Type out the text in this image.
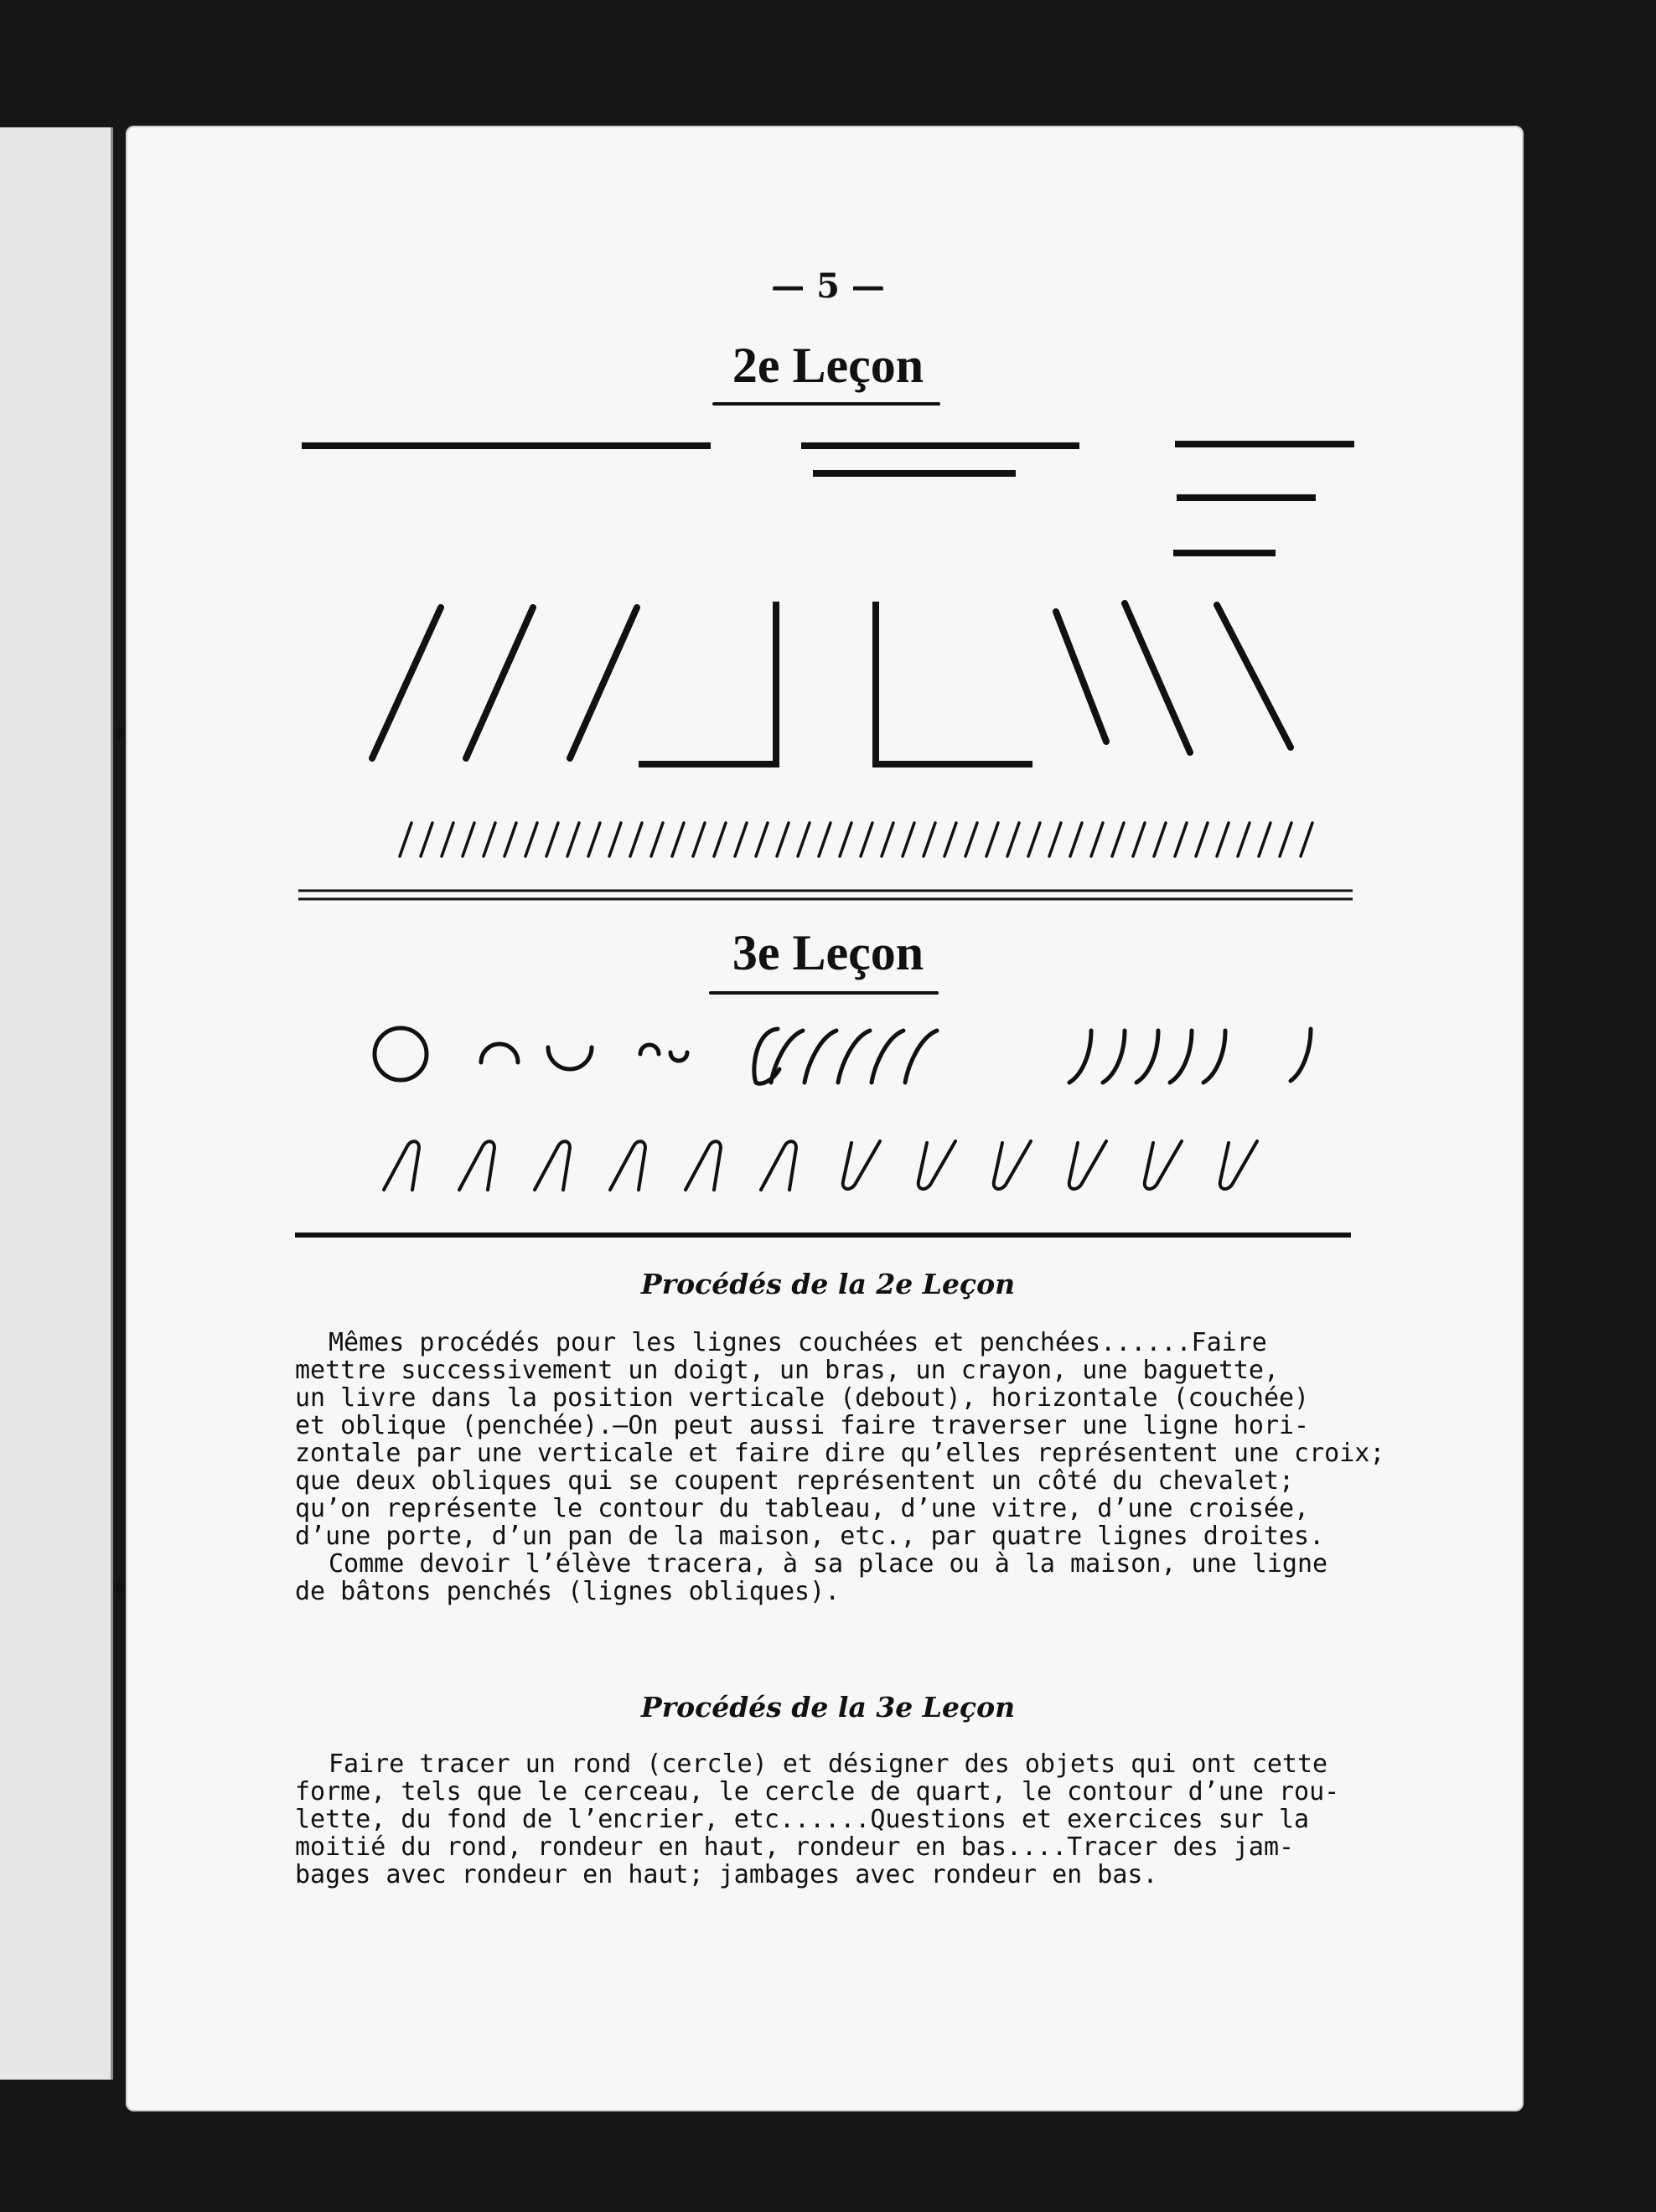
— 5 —

2e Leçon
3e Leçon
Procédés de la 2e Leçon

Mêmes procédés pour les lignes couchées et penchées......Faire

mettre successivement un doigt, un bras, un crayon, une baguette,

un livre dans la position verticale (debout), horizontale (couchée)

et oblique (penchée).—On peut aussi faire traverser une ligne hori-

zontale par une verticale et faire dire qu’elles représentent une croix;

que deux obliques qui se coupent représentent un côté du chevalet;

qu’on représente le contour du tableau, d’une vitre, d’une croisée,

d’une porte, d’un pan de la maison, etc., par quatre lignes droites.

Comme devoir l’élève tracera, à sa place ou à la maison, une ligne

de bâtons penchés (lignes obliques).

Procédés de la 3e Leçon

Faire tracer un rond (cercle) et désigner des objets qui ont cette

forme, tels que le cerceau, le cercle de quart, le contour d’une rou-

lette, du fond de l’encrier, etc......Questions et exercices sur la

moitié du rond, rondeur en haut, rondeur en bas....Tracer des jam-

bages avec rondeur en haut; jambages avec rondeur en bas.
